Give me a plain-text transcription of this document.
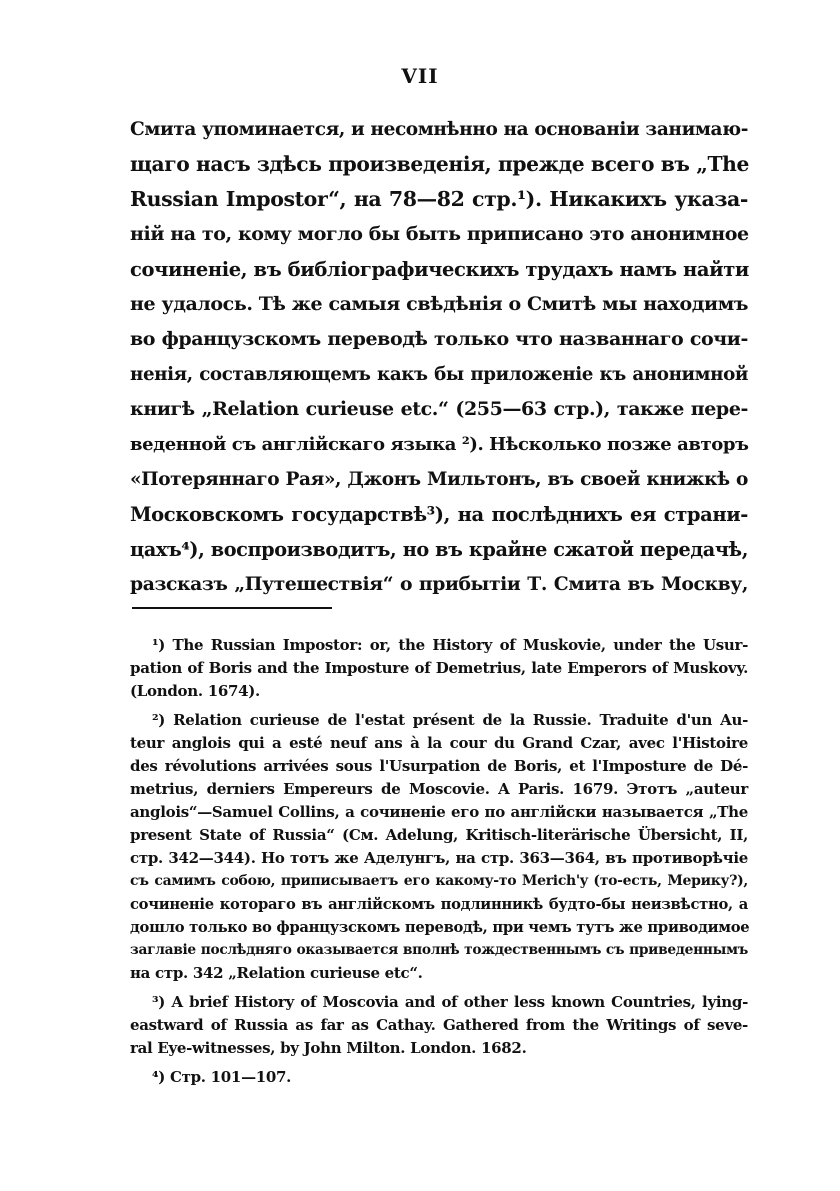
VII
Смита упоминается, и несомнѣнно на основаніи занимаю-
щаго насъ здѣсь произведенія, прежде всего въ „The
Russian Impostor“, на 78—82 стр.¹). Никакихъ указа-
ній на то, кому могло бы быть приписано это анонимное
сочиненіе, въ библіографическихъ трудахъ намъ найти
не удалось. Тѣ же самыя свѣдѣнія о Смитѣ мы находимъ
во французскомъ переводѣ только что названнаго сочи-
ненія, составляющемъ какъ бы приложеніе къ анонимной
книгѣ „Relation curieuse etc.“ (255—63 стр.), также пере-
веденной съ англійскаго языка ²). Нѣсколько позже авторъ
«Потеряннаго Рая», Джонъ Мильтонъ, въ своей книжкѣ о
Московскомъ государствѣ³), на послѣднихъ ея страни-
цахъ⁴), воспроизводитъ, но въ крайне сжатой передачѣ,
разсказъ „Путешествія“ о прибытіи Т. Смита въ Москву,
¹) The Russian Impostor: or, the History of Muskovie, under the Usur-
pation of Boris and the Imposture of Demetrius, late Emperors of Muskovy.
(London. 1674).
²) Relation curieuse de l'estat présent de la Russie. Traduite d'un Au-
teur anglois qui a esté neuf ans à la cour du Grand Czar, avec l'Histoire
des révolutions arrivées sous l'Usurpation de Boris, et l'Imposture de Dé-
metrius, derniers Empereurs de Moscovie. A Paris. 1679. Этотъ „auteur
anglois“—Samuel Collins, а сочиненіе его по англійски называется „The
present State of Russia“ (См. Adelung, Kritisch-literärische Übersicht, II,
стр. 342—344). Но тотъ же Аделунгъ, на стр. 363—364, въ противорѣчіе
съ самимъ собою, приписываетъ его какому-то Merich'y (то-есть, Мерику?),
сочиненіе котораго въ англійскомъ подлинникѣ будто-бы неизвѣстно, а
дошло только во французскомъ переводѣ, при чемъ тутъ же приводимое
заглавіе послѣдняго оказывается вполнѣ тождественнымъ съ приведеннымъ
на стр. 342 „Relation curieuse etc“.
³) A brief History of Moscovia and of other less known Countries, lying-
eastward of Russia as far as Cathay. Gathered from the Writings of seve-
ral Eye-witnesses, by John Milton. London. 1682.
⁴) Стр. 101—107.
